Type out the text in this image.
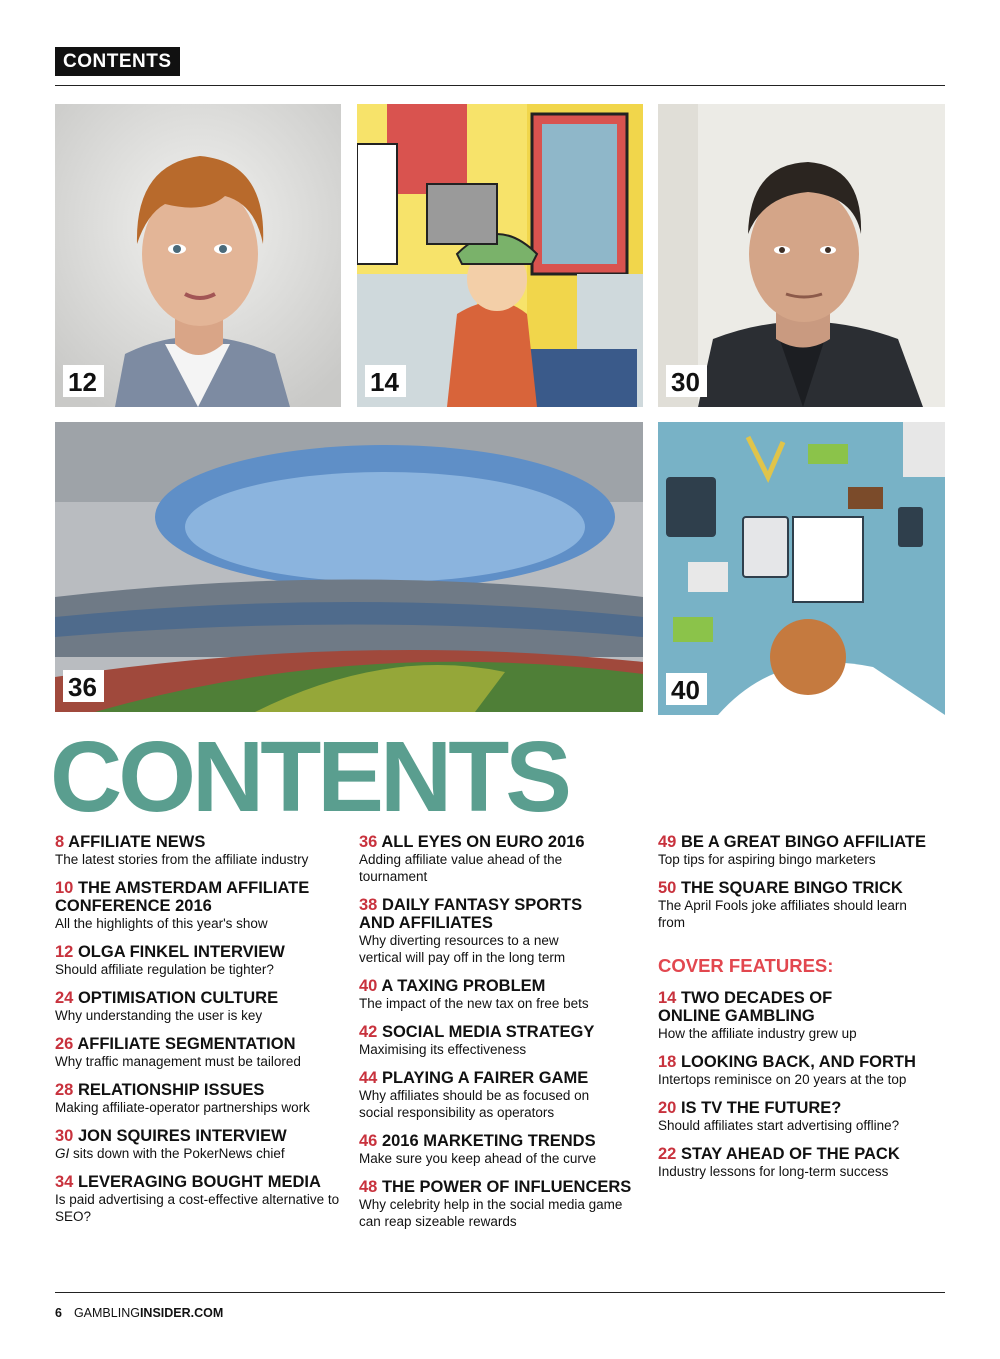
CONTENTS
12	14	30
36	40
CONTENTS
8 AFFILIATE NEWS
The latest stories from the affiliate industry
10 THE AMSTERDAM AFFILIATE CONFERENCE 2016
All the highlights of this year's show
12 OLGA FINKEL INTERVIEW
Should affiliate regulation be tighter?
24 OPTIMISATION CULTURE
Why understanding the user is key
26 AFFILIATE SEGMENTATION
Why traffic management must be tailored
28 RELATIONSHIP ISSUES
Making affiliate-operator partnerships work
30 JON SQUIRES INTERVIEW
GI sits down with the PokerNews chief
34 LEVERAGING BOUGHT MEDIA
Is paid advertising a cost-effective alternative to SEO?
36 ALL EYES ON EURO 2016
Adding affiliate value ahead of the tournament
38 DAILY FANTASY SPORTS AND AFFILIATES
Why diverting resources to a new vertical will pay off in the long term
40 A TAXING PROBLEM
The impact of the new tax on free bets
42 SOCIAL MEDIA STRATEGY
Maximising its effectiveness
44 PLAYING A FAIRER GAME
Why affiliates should be as focused on social responsibility as operators
46 2016 MARKETING TRENDS
Make sure you keep ahead of the curve
48 THE POWER OF INFLUENCERS
Why celebrity help in the social media game can reap sizeable rewards
49 BE A GREAT BINGO AFFILIATE
Top tips for aspiring bingo marketers
50 THE SQUARE BINGO TRICK
The April Fools joke affiliates should learn from
COVER FEATURES:
14 TWO DECADES OF ONLINE GAMBLING
How the affiliate industry grew up
18 LOOKING BACK, AND FORTH
Intertops reminisce on 20 years at the top
20 IS TV THE FUTURE?
Should affiliates start advertising offline?
22 STAY AHEAD OF THE PACK
Industry lessons for long-term success
6 GAMBLINGINSIDER.COM
